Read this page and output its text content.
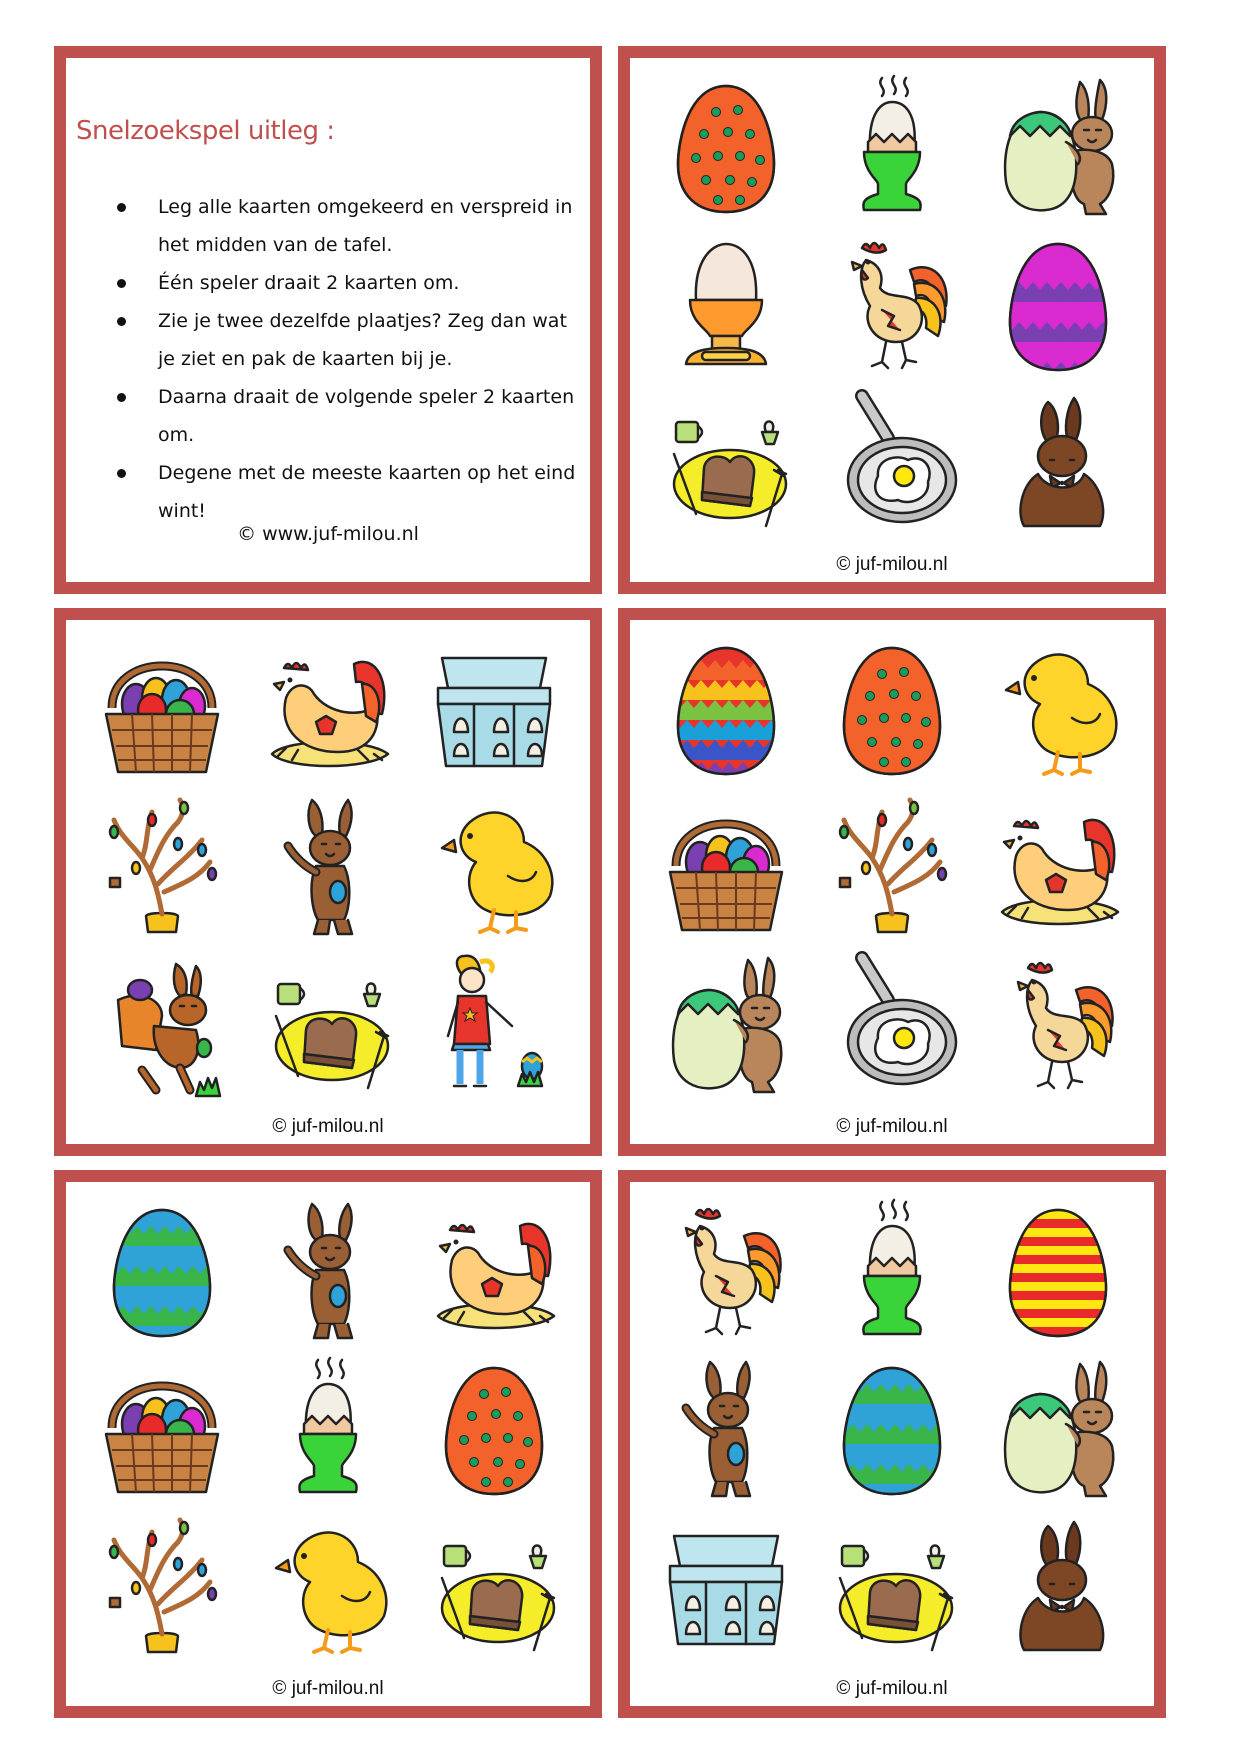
Snelzoekspel uitleg :
Leg alle kaarten omgekeerd en verspreid in het midden van de tafel.
Één speler draait 2 kaarten om.
Zie je twee dezelfde plaatjes? Zeg dan wat je ziet en pak de kaarten bij je.
Daarna draait de volgende speler 2 kaarten om.
Degene met de meeste kaarten op het eind wint!
© www.juf-milou.nl
© juf-milou.nl
© juf-milou.nl	© juf-milou.nl
© juf-milou.nl	© juf-milou.nl
